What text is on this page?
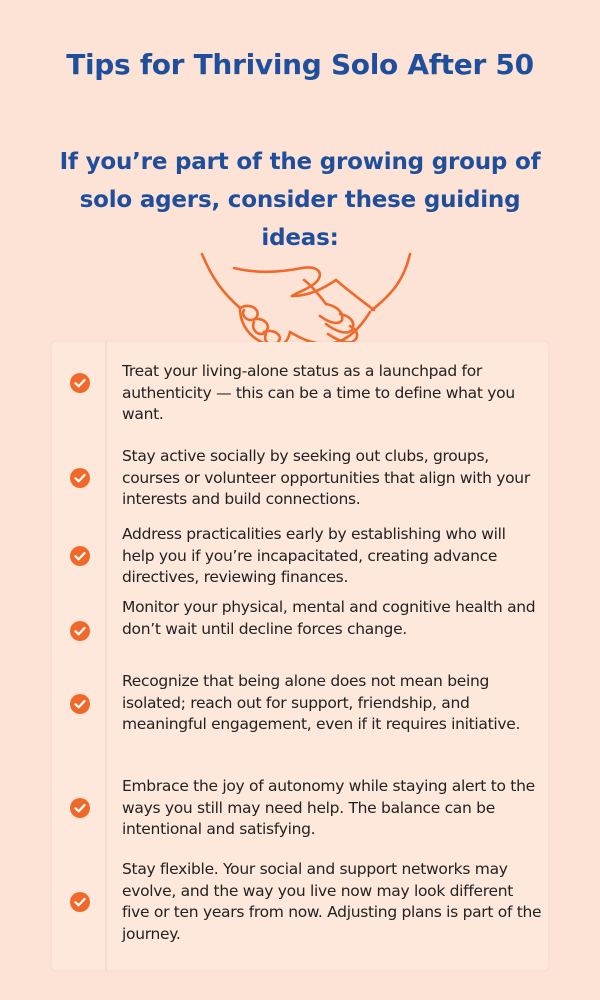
Tips for Thriving Solo After 50
If you’re part of the growing group of solo agers, consider these guiding ideas:
Treat your living-alone status as a launchpad for authenticity — this can be a time to define what you want.
Stay active socially by seeking out clubs, groups, courses or volunteer opportunities that align with your interests and build connections.
Address practicalities early by establishing who will help you if you’re incapacitated, creating advance directives, reviewing finances.
Monitor your physical, mental and cognitive health and don’t wait until decline forces change.
Recognize that being alone does not mean being isolated; reach out for support, friendship, and meaningful engagement, even if it requires initiative.
Embrace the joy of autonomy while staying alert to the ways you still may need help. The balance can be intentional and satisfying.
Stay flexible. Your social and support networks may evolve, and the way you live now may look different five or ten years from now. Adjusting plans is part of the journey.
